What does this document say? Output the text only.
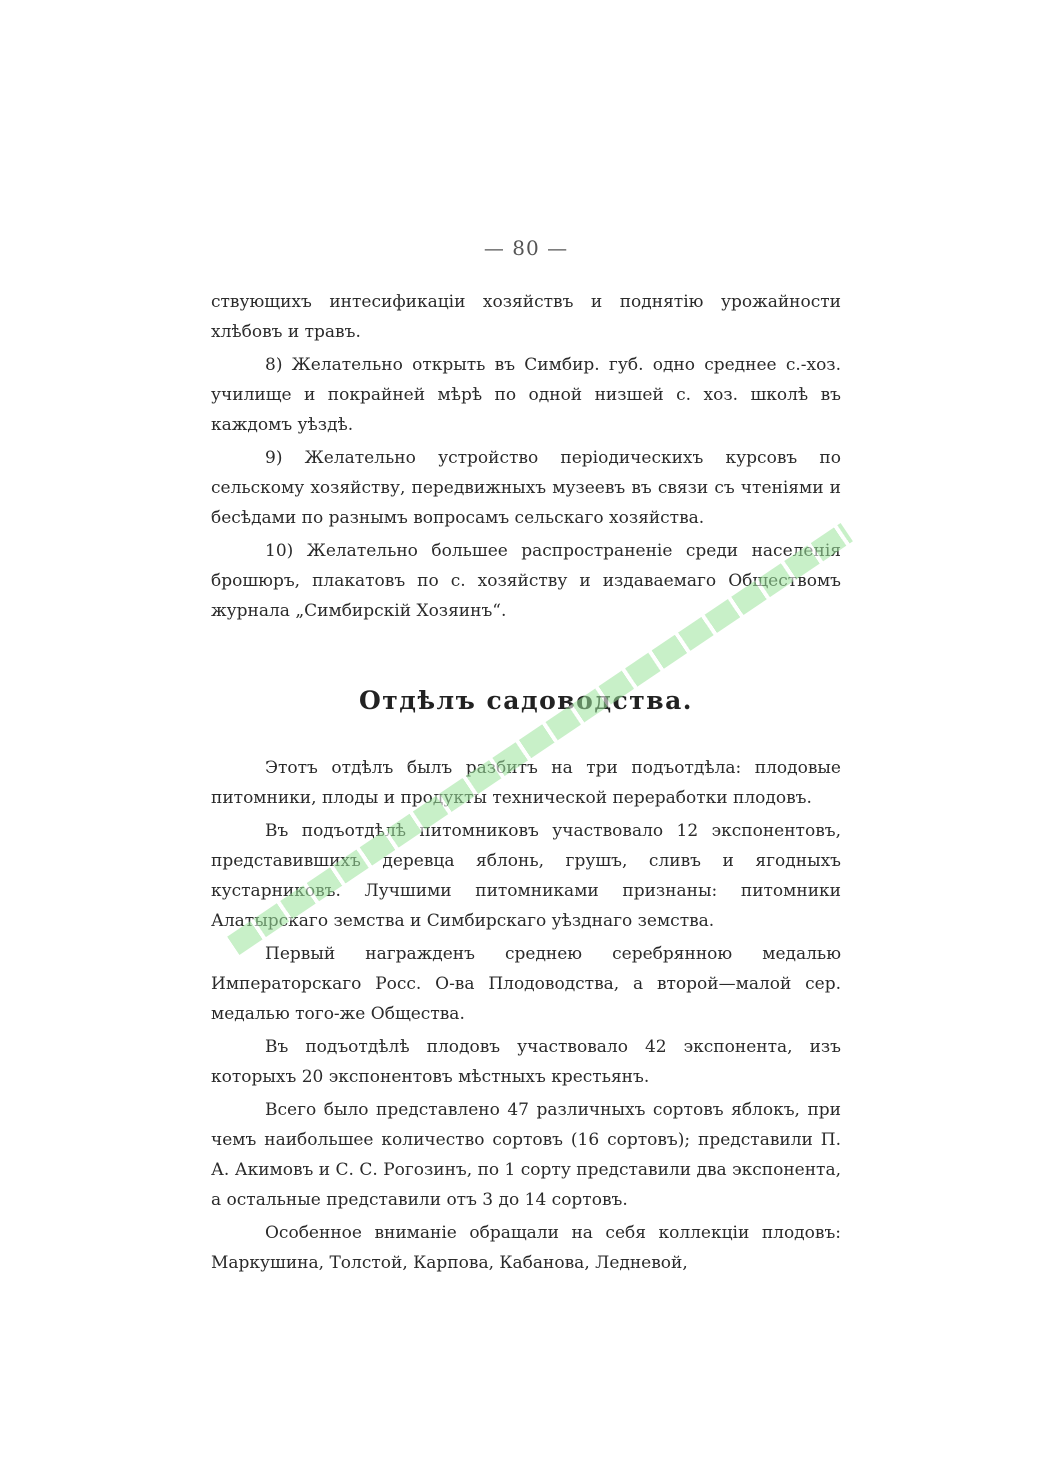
— 80 —

ствующихъ интесификаціи хозяйствъ и поднятію урожайности хлѣбовъ и травъ.

8) Желательно открыть въ Симбир. губ. одно среднее с.-хоз. училище и покрайней мѣрѣ по одной низшей с. хоз. школѣ въ каждомъ уѣздѣ.

9) Желательно устройство періодическихъ курсовъ по сельскому хозяйству, передвижныхъ музеевъ въ связи съ чтеніями и бесѣдами по разнымъ вопросамъ сельскаго хозяйства.

10) Желательно большее распространеніе среди населенія брошюръ, плакатовъ по с. хозяйству и издаваемаго Обществомъ журнала „Симбирскій Хозяинъ“.

Отдѣлъ садоводства.

Этотъ отдѣлъ былъ разбитъ на три подъотдѣла: плодовые питомники, плоды и продукты технической переработки плодовъ.

Въ подъотдѣлѣ питомниковъ участвовало 12 экспонентовъ, представившихъ деревца яблонь, грушъ, сливъ и ягодныхъ кустарниковъ. Лучшими питомниками признаны: питомники Алатырскаго земства и Симбирскаго уѣзднаго земства.

Первый награжденъ среднею серебрянною медалью Императорскаго Росс. О-ва Плодоводства, а второй—малой сер. медалью того-же Общества.

Въ подъотдѣлѣ плодовъ участвовало 42 экспонента, изъ которыхъ 20 экспонентовъ мѣстныхъ крестьянъ.

Всего было представлено 47 различныхъ сортовъ яблокъ, при чемъ наибольшее количество сортовъ (16 сортовъ); представили П. А. Акимовъ и С. С. Рогозинъ, по 1 сорту представили два экспонента, а остальные представили отъ 3 до 14 сортовъ.

Особенное вниманіе обращали на себя коллекціи плодовъ: Маркушина, Толстой, Карпова, Кабанова, Ледневой,
